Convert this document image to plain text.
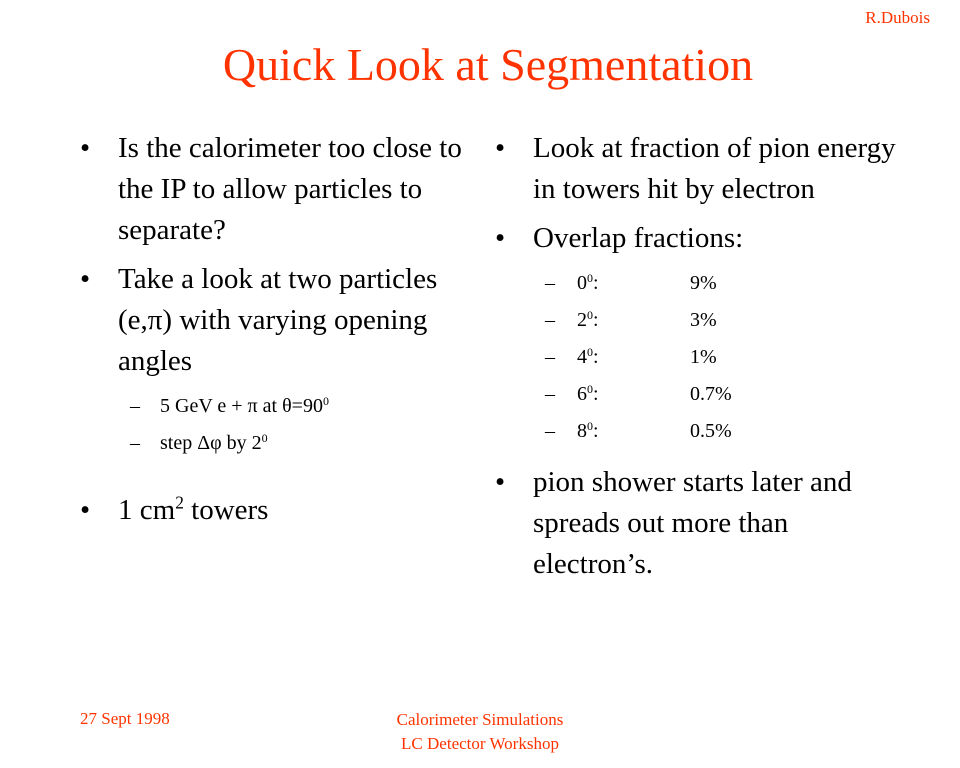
R.Dubois
Quick Look at Segmentation
• Is the calorimeter too close to the IP to allow particles to separate?
• Take a look at two particles (e,π) with varying opening angles
– 5 GeV e + π at $\theta=90^0$
– step Δφ by $2^0$
• 1 $cm^2$ towers
• Look at fraction of pion energy in towers hit by electron
• Overlap fractions:
– $0^0$:	9%
– $2^0$:	3%
– $4^0$:	1%
– $6^0$:	0.7%
– $8^0$:	0.5%
• pion shower starts later and spreads out more than electron’s.
27 Sept 1998	Calorimeter Simulations
LC Detector Workshop
